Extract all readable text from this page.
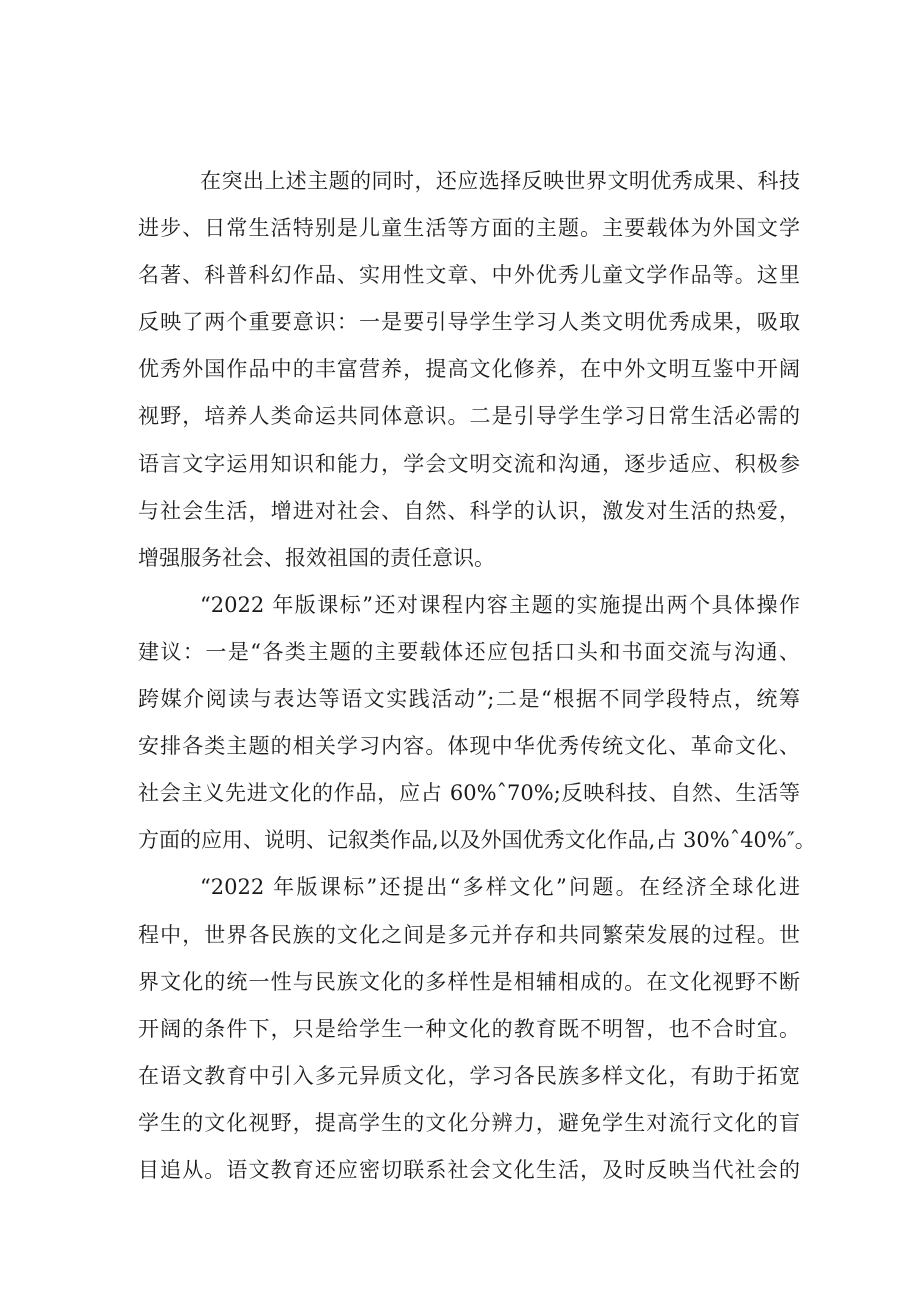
在突出上述主题的同时，还应选择反映世界文明优秀成果、科技
进步、日常生活特别是儿童生活等方面的主题。主要载体为外国文学
名著、科普科幻作品、实用性文章、中外优秀儿童文学作品等。这里
反映了两个重要意识：一是要引导学生学习人类文明优秀成果，吸取
优秀外国作品中的丰富营养，提高文化修养，在中外文明互鉴中开阔
视野，培养人类命运共同体意识。二是引导学生学习日常生活必需的
语言文字运用知识和能力，学会文明交流和沟通，逐步适应、积极参
与社会生活，增进对社会、自然、科学的认识，激发对生活的热爱，
增强服务社会、报效祖国的责任意识。
“2022 年版课标”还对课程内容主题的实施提出两个具体操作
建议：一是“各类主题的主要载体还应包括口头和书面交流与沟通、
跨媒介阅读与表达等语文实践活动”;二是“根据不同学段特点，统筹
安排各类主题的相关学习内容。体现中华优秀传统文化、革命文化、
社会主义先进文化的作品，应占 60%ˆ70%;反映科技、自然、生活等
方面的应用、说明、记叙类作品,以及外国优秀文化作品,占 30%ˆ40%″。
“2022 年版课标”还提出“多样文化”问题。在经济全球化进
程中，世界各民族的文化之间是多元并存和共同繁荣发展的过程。世
界文化的统一性与民族文化的多样性是相辅相成的。在文化视野不断
开阔的条件下，只是给学生一种文化的教育既不明智，也不合时宜。
在语文教育中引入多元异质文化，学习各民族多样文化，有助于拓宽
学生的文化视野，提高学生的文化分辨力，避免学生对流行文化的盲
目追从。语文教育还应密切联系社会文化生活，及时反映当代社会的
